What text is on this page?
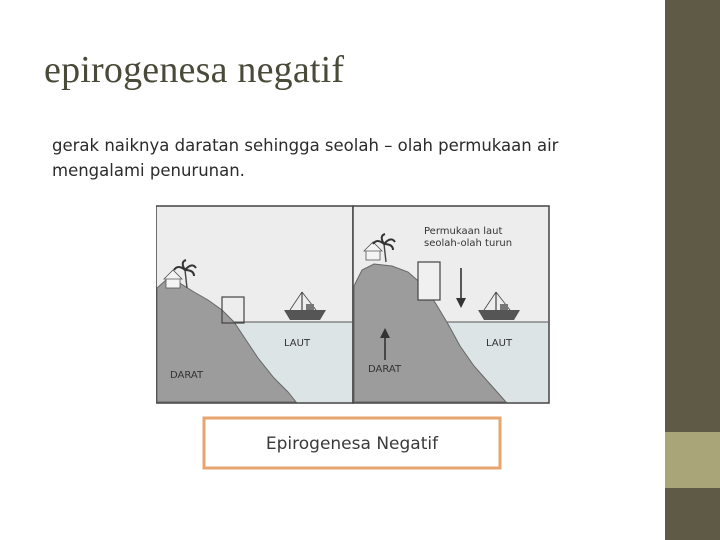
epirogenesa negatif
gerak naiknya daratan sehingga seolah – olah permukaan air
mengalami penurunan.
LAUT
DARAT
Permukaan laut
seolah-olah turun
LAUT
DARAT
Epirogenesa Negatif
